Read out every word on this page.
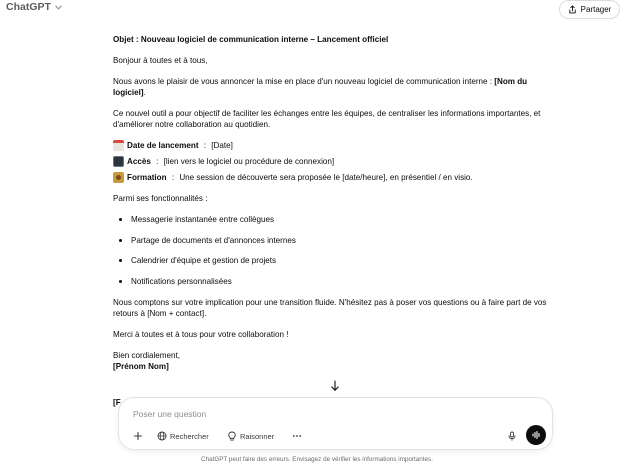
ChatGPT	Partager

Objet : Nouveau logiciel de communication interne – Lancement officiel

Bonjour à toutes et à tous,

Nous avons le plaisir de vous annoncer la mise en place d'un nouveau logiciel de communication interne : [Nom du logiciel].

Ce nouvel outil a pour objectif de faciliter les échanges entre les équipes, de centraliser les informations importantes, et d'améliorer notre collaboration au quotidien.

Date de lancement : [Date]
Accès : [lien vers le logiciel ou procédure de connexion]
Formation : Une session de découverte sera proposée le [date/heure], en présentiel / en visio.

Parmi ses fonctionnalités :

Messagerie instantanée entre collègues
Partage de documents et d'annonces internes
Calendrier d'équipe et gestion de projets
Notifications personnalisées

Nous comptons sur votre implication pour une transition fluide. N'hésitez pas à poser vos questions ou à faire part de vos retours à [Nom + contact].

Merci à toutes et à tous pour votre collaboration !

Bien cordialement,
[Prénom Nom]

[F
Poser une question
Rechercher	Raisonner
ChatGPT peut faire des erreurs. Envisagez de vérifier les informations importantes.
